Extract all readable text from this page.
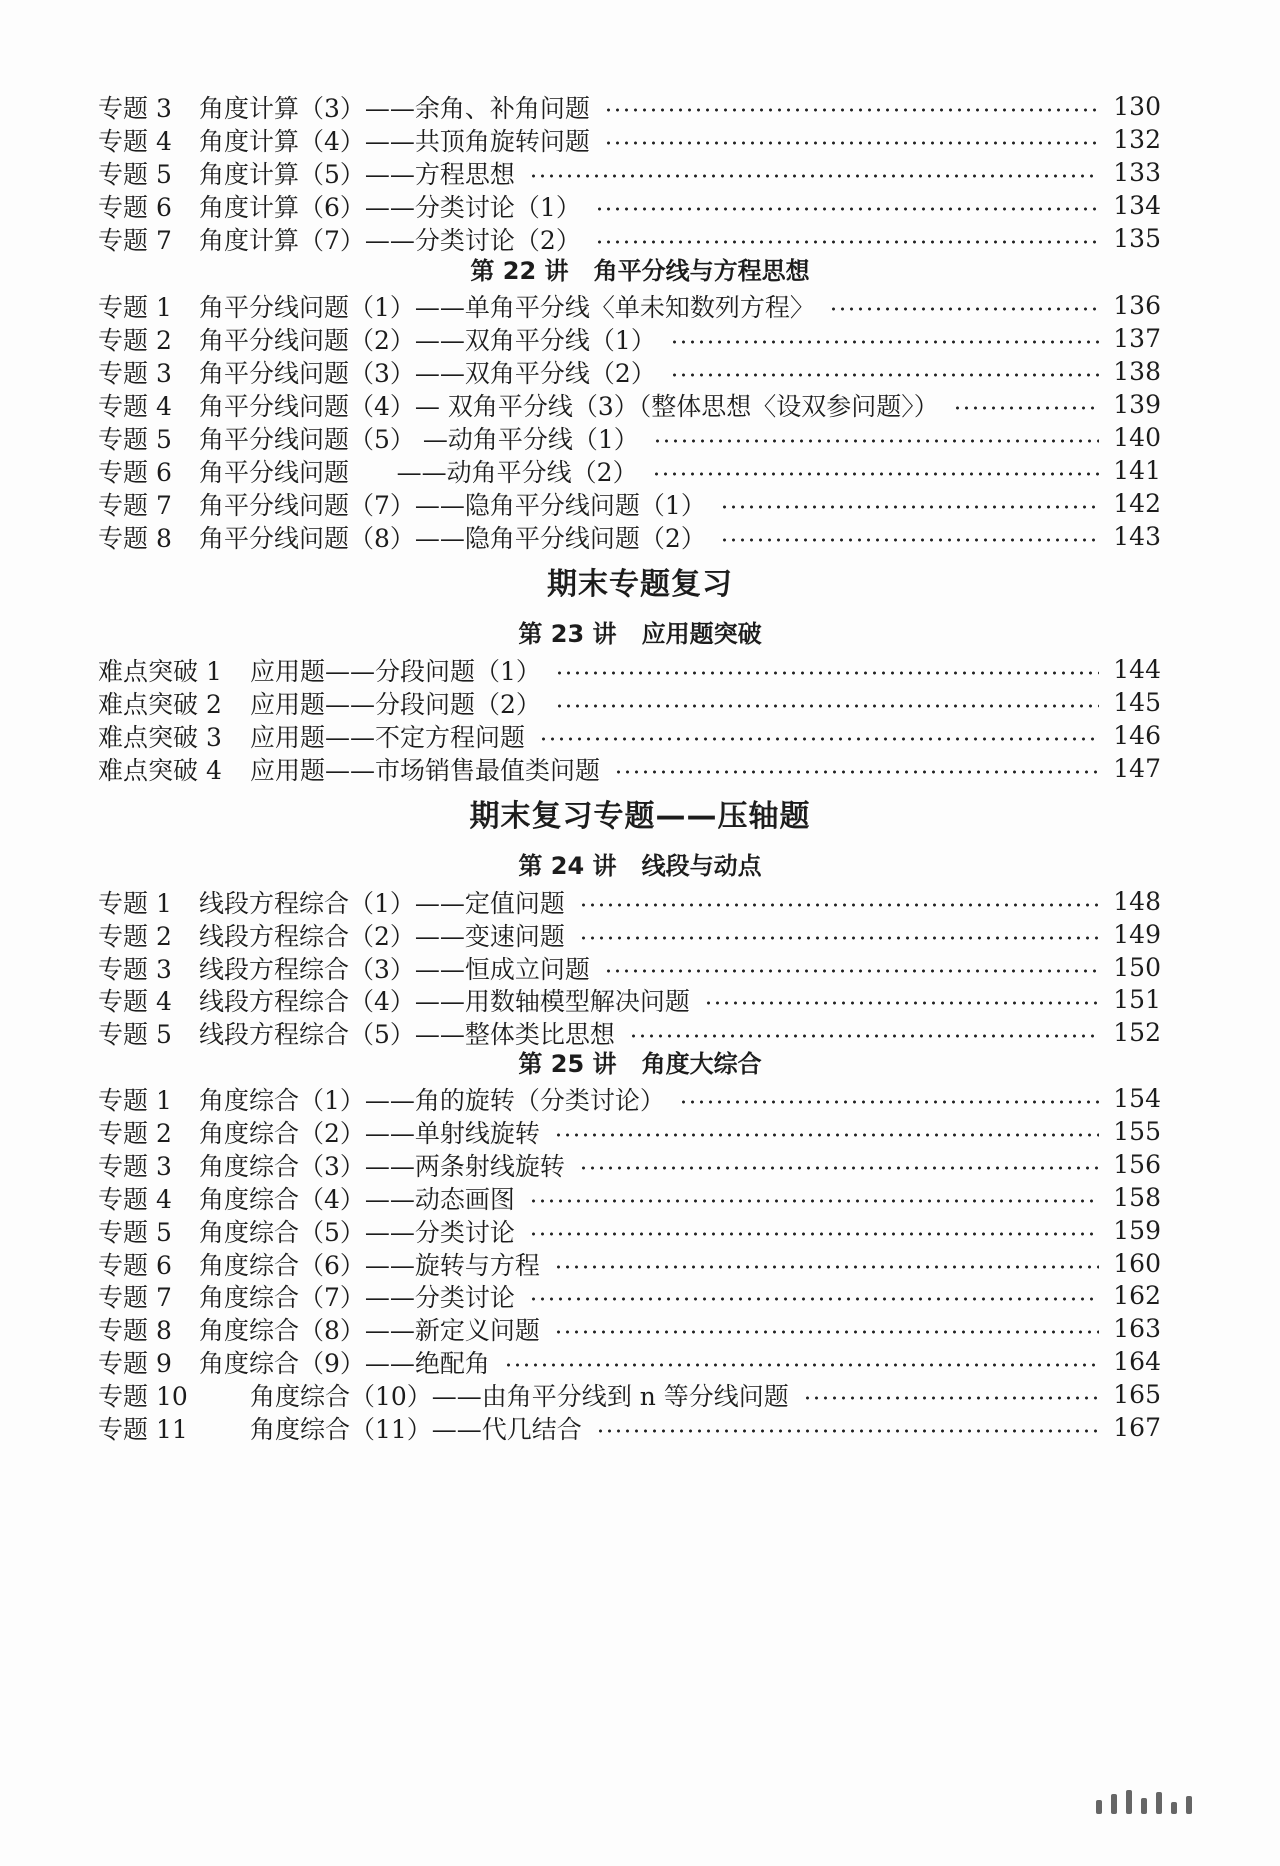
专题 3	角度计算（3）——余角、补角问题	130
专题 4	角度计算（4）——共顶角旋转问题	132
专题 5	角度计算（5）——方程思想	133
专题 6	角度计算（6）——分类讨论（1）	134
专题 7	角度计算（7）——分类讨论（2）	135
第 22 讲   角平分线与方程思想
专题 1	角平分线问题（1）——单角平分线〈单未知数列方程〉	136
专题 2	角平分线问题（2）——双角平分线（1）	137
专题 3	角平分线问题（3）——双角平分线（2）	138
专题 4	角平分线问题（4）— 双角平分线（3）（整体思想〈设双参问题〉）	139
专题 5	角平分线问题（5） —动角平分线（1）	140
专题 6	角平分线问题      ——动角平分线（2）	141
专题 7	角平分线问题（7）——隐角平分线问题（1）	142
专题 8	角平分线问题（8）——隐角平分线问题（2）	143
期末专题复习
第 23 讲   应用题突破
难点突破 1	应用题——分段问题（1）	144
难点突破 2	应用题——分段问题（2）	145
难点突破 3	应用题——不定方程问题	146
难点突破 4	应用题——市场销售最值类问题	147
期末复习专题——压轴题
第 24 讲   线段与动点
专题 1	线段方程综合（1）——定值问题	148
专题 2	线段方程综合（2）——变速问题	149
专题 3	线段方程综合（3）——恒成立问题	150
专题 4	线段方程综合（4）——用数轴模型解决问题	151
专题 5	线段方程综合（5）——整体类比思想	152
第 25 讲   角度大综合
专题 1	角度综合（1）——角的旋转（分类讨论）	154
专题 2	角度综合（2）——单射线旋转	155
专题 3	角度综合（3）——两条射线旋转	156
专题 4	角度综合（4）——动态画图	158
专题 5	角度综合（5）——分类讨论	159
专题 6	角度综合（6）——旋转与方程	160
专题 7	角度综合（7）——分类讨论	162
专题 8	角度综合（8）——新定义问题	163
专题 9	角度综合（9）——绝配角	164
专题 10	角度综合（10）——由角平分线到 n 等分线问题	165
专题 11	角度综合（11）——代几结合	167
